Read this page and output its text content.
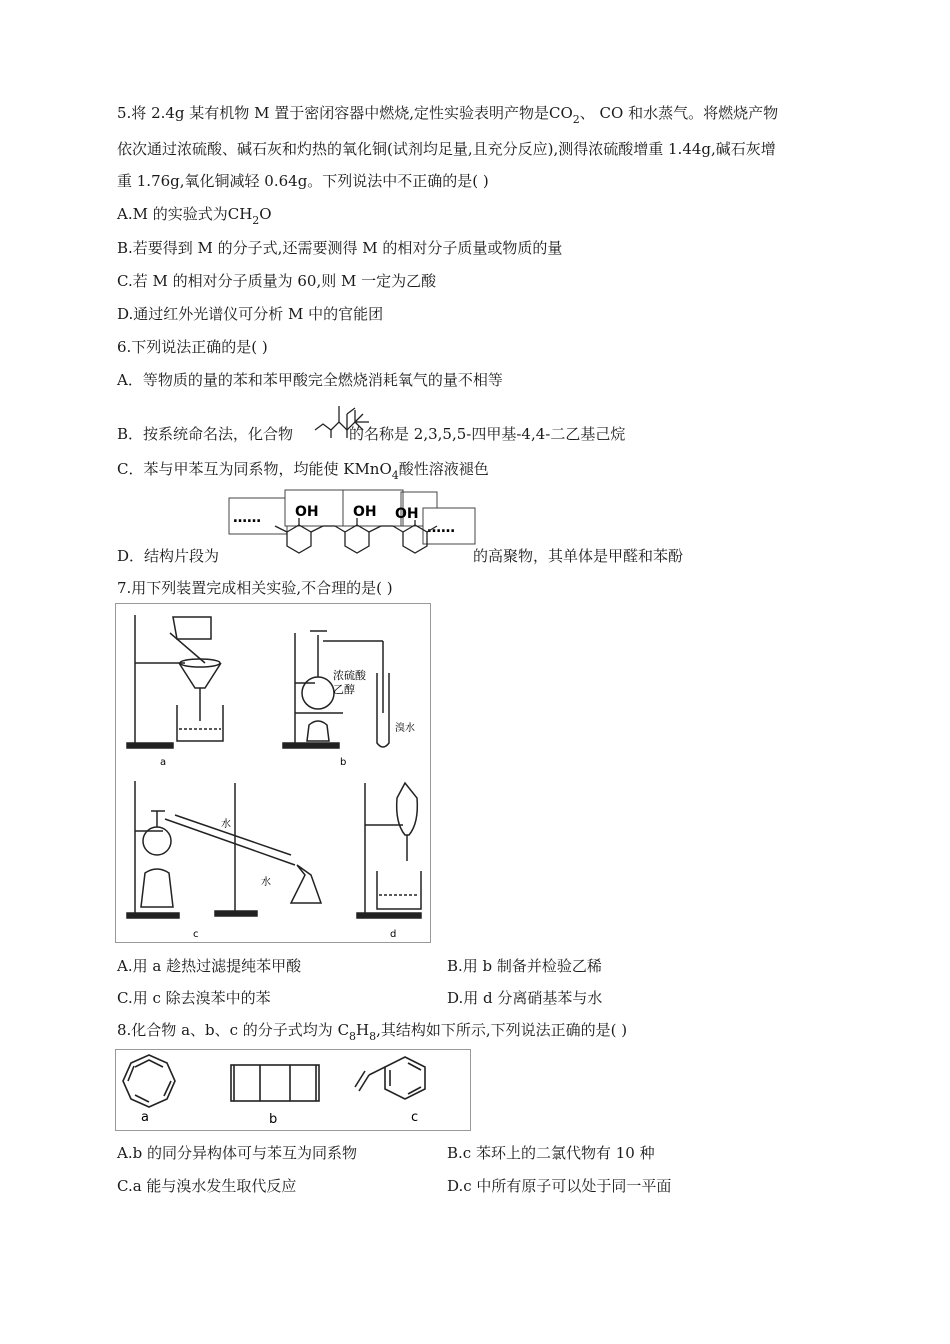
5.将 2.4g 某有机物 M 置于密闭容器中燃烧,定性实验表明产物是$CO_2$、 CO 和水蒸气。将燃烧产物
依次通过浓硫酸、碱石灰和灼热的氧化铜(试剂均足量,且充分反应),测得浓硫酸增重 1.44g,碱石灰增
重 1.76g,氧化铜减轻 0.64g。下列说法中不正确的是( )
A.M 的实验式为$CH_2O$
B.若要得到 M 的分子式,还需要测得 M 的相对分子质量或物质的量
C.若 M 的相对分子质量为 60,则 M 一定为乙酸
D.通过红外光谱仪可分析 M 中的官能团
6.下列说法正确的是( )
A．等物质的量的苯和苯甲酸完全燃烧消耗氧气的量不相等
B．按系统命名法，化合物	的名称是 2,3,5,5-四甲基-4,4-二乙基己烷
C．苯与甲苯互为同系物，均能使 KMnO$_4$酸性溶液褪色
D．结构片段为	的高聚物，其单体是甲醛和苯酚
…… OH OH OH
……
7.用下列装置完成相关实验,不合理的是( )
a	b
c	d
浓硫酸
乙醇
溴水
水
水
A.用 a 趁热过滤提纯苯甲酸	B.用 b 制备并检验乙稀
C.用 c 除去溴苯中的苯	D.用 d 分离硝基苯与水
8.化合物 a、b、c 的分子式均为 $C_8H_8$,其结构如下所示,下列说法正确的是( )
a	b	c
A.b 的同分异构体可与苯互为同系物	B.c 苯环上的二氯代物有 10 种
C.a 能与溴水发生取代反应	D.c 中所有原子可以处于同一平面
